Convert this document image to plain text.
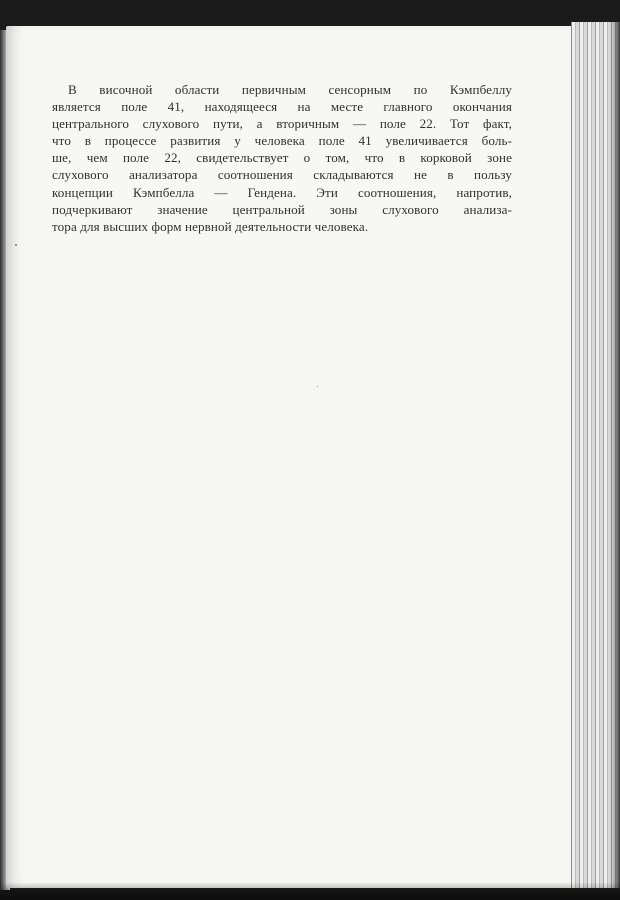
В височной области первичным сенсорным по Кэмпбеллу
является поле 41, находящееся на месте главного окончания
центрального слухового пути, а вторичным — поле 22. Тот факт,
что в процессе развития у человека поле 41 увеличивается боль-
ше, чем поле 22, свидетельствует о том, что в корковой зоне
слухового анализатора соотношения складываются не в пользу
концепции Кэмпбелла — Гендена. Эти соотношения, напротив,
подчеркивают значение центральной зоны слухового анализа-
тора для высших форм нервной деятельности человека.
